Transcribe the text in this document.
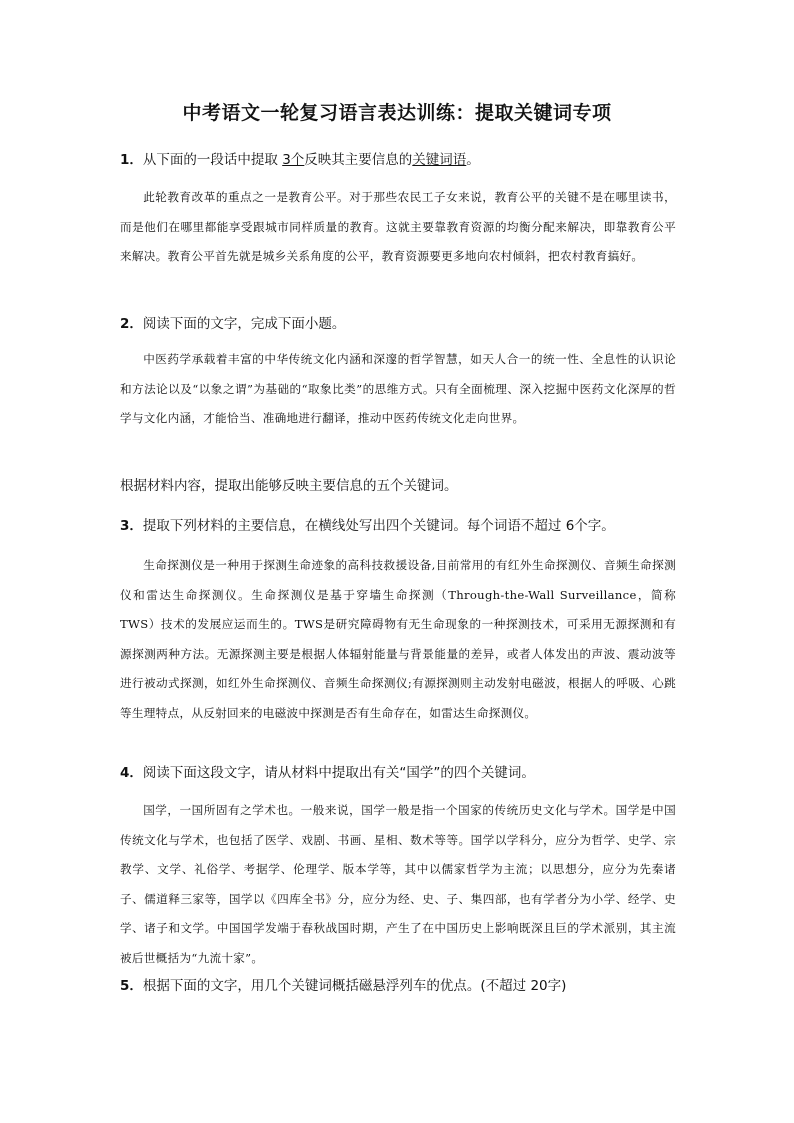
中考语文一轮复习语言表达训练：提取关键词专项
1．从下面的一段话中提取 3个反映其主要信息的关键词语。
此轮教育改革的重点之一是教育公平。对于那些农民工子女来说，教育公平的关键不是在哪里读书，而是他们在哪里都能享受跟城市同样质量的教育。这就主要靠教育资源的均衡分配来解决，即靠教育公平来解决。教育公平首先就是城乡关系角度的公平，教育资源要更多地向农村倾斜，把农村教育搞好。
2．阅读下面的文字，完成下面小题。
中医药学承载着丰富的中华传统文化内涵和深邃的哲学智慧，如天人合一的统一性、全息性的认识论和方法论以及“以象之谓”为基础的“取象比类”的思维方式。只有全面梳理、深入挖掘中医药文化深厚的哲学与文化内涵，才能恰当、准确地进行翻译，推动中医药传统文化走向世界。
根据材料内容，提取出能够反映主要信息的五个关键词。
3．提取下列材料的主要信息，在横线处写出四个关键词。每个词语不超过 6个字。
生命探测仪是一种用于探测生命迹象的高科技救援设备,目前常用的有红外生命探测仪、音频生命探测仪和雷达生命探测仪。生命探测仪是基于穿墙生命探测（Through-the-Wall Surveillance，简称 TWS）技术的发展应运而生的。TWS是研究障碍物有无生命现象的一种探测技术，可采用无源探测和有源探测两种方法。无源探测主要是根据人体辐射能量与背景能量的差异，或者人体发出的声波、震动波等进行被动式探测，如红外生命探测仪、音频生命探测仪;有源探测则主动发射电磁波，根据人的呼吸、心跳等生理特点，从反射回来的电磁波中探测是否有生命存在，如雷达生命探测仪。
4．阅读下面这段文字，请从材料中提取出有关“国学”的四个关键词。
国学，一国所固有之学术也。一般来说，国学一般是指一个国家的传统历史文化与学术。国学是中国传统文化与学术，也包括了医学、戏剧、书画、星相、数术等等。国学以学科分，应分为哲学、史学、宗教学、文学、礼俗学、考据学、伦理学、版本学等，其中以儒家哲学为主流；以思想分，应分为先秦诸子、儒道释三家等，国学以《四库全书》分，应分为经、史、子、集四部，也有学者分为小学、经学、史学、诸子和文学。中国国学发端于春秋战国时期，产生了在中国历史上影响既深且巨的学术派别，其主流被后世概括为“九流十家”。
5．根据下面的文字，用几个关键词概括磁悬浮列车的优点。(不超过 20字)
